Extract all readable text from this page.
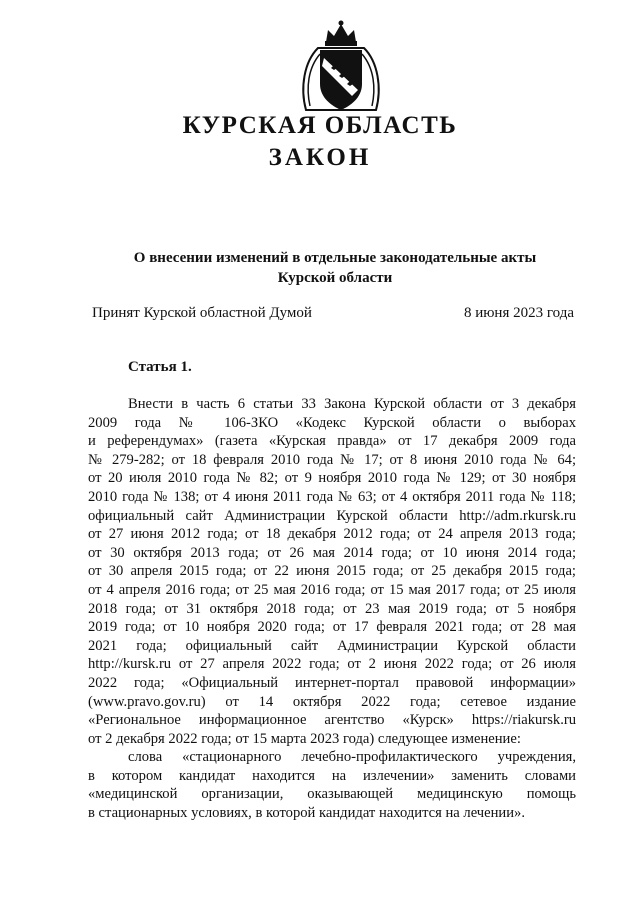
КУРСКАЯ ОБЛАСТЬ
ЗАКОН
О внесении изменений в отдельные законодательные акты
Курской области
Принят Курской областной Думой	8 июня 2023 года
Статья 1.
Внести в часть 6 статьи 33 Закона Курской области от 3 декабря
2009 года № 106-ЗКО «Кодекс Курской области о выборах
и референдумах» (газета «Курская правда» от 17 декабря 2009 года
№ 279-282; от 18 февраля 2010 года № 17; от 8 июня 2010 года № 64;
от 20 июля 2010 года № 82; от 9 ноября 2010 года № 129; от 30 ноября
2010 года № 138; от 4 июня 2011 года № 63; от 4 октября 2011 года № 118;
официальный сайт Администрации Курской области http://adm.rkursk.ru
от 27 июня 2012 года; от 18 декабря 2012 года; от 24 апреля 2013 года;
от 30 октября 2013 года; от 26 мая 2014 года; от 10 июня 2014 года;
от 30 апреля 2015 года; от 22 июня 2015 года; от 25 декабря 2015 года;
от 4 апреля 2016 года; от 25 мая 2016 года; от 15 мая 2017 года; от 25 июля
2018 года; от 31 октября 2018 года; от 23 мая 2019 года; от 5 ноября
2019 года; от 10 ноября 2020 года; от 17 февраля 2021 года; от 28 мая
2021 года; официальный сайт Администрации Курской области
http://kursk.ru от 27 апреля 2022 года; от 2 июня 2022 года; от 26 июля
2022 года; «Официальный интернет-портал правовой информации»
(www.pravo.gov.ru) от 14 октября 2022 года; сетевое издание
«Региональное информационное агентство «Курск» https://riakursk.ru
от 2 декабря 2022 года; от 15 марта 2023 года) следующее изменение:
слова «стационарного лечебно-профилактического учреждения,
в котором кандидат находится на излечении» заменить словами
«медицинской организации, оказывающей медицинскую помощь
в стационарных условиях, в которой кандидат находится на лечении».
